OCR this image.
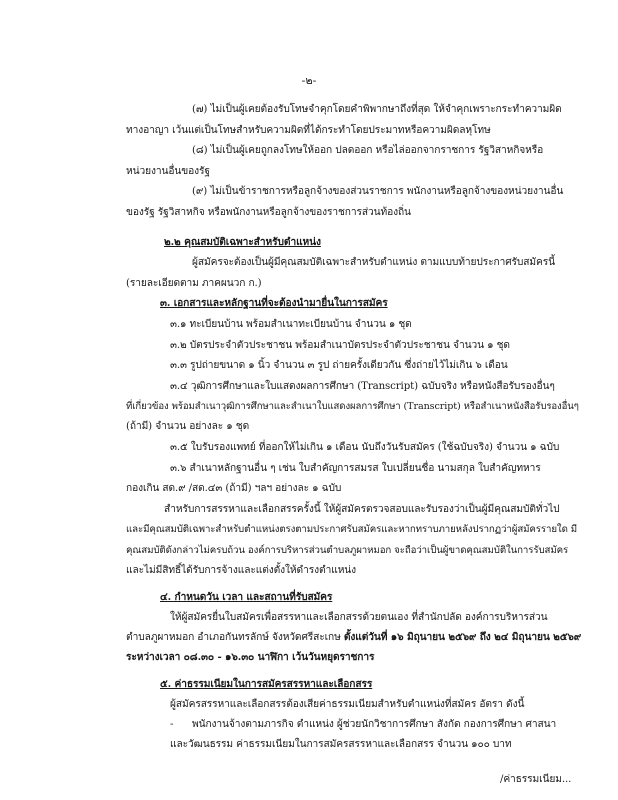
-๒-
(๗) ไม่เป็นผู้เคยต้องรับโทษจำคุกโดยคำพิพากษาถึงที่สุด ให้จำคุกเพราะกระทำความผิด
ทางอาญา เว้นแต่เป็นโทษสำหรับความผิดที่ได้กระทำโดยประมาทหรือความผิดลหุโทษ
(๘) ไม่เป็นผู้เคยถูกลงโทษให้ออก ปลดออก หรือไล่ออกจากราชการ รัฐวิสาหกิจหรือ
หน่วยงานอื่นของรัฐ
(๙) ไม่เป็นข้าราชการหรือลูกจ้างของส่วนราชการ พนักงานหรือลูกจ้างของหน่วยงานอื่น
ของรัฐ รัฐวิสาหกิจ หรือพนักงานหรือลูกจ้างของราชการส่วนท้องถิ่น
๒.๒ คุณสมบัติเฉพาะสำหรับตำแหน่ง
ผู้สมัครจะต้องเป็นผู้มีคุณสมบัติเฉพาะสำหรับตำแหน่ง ตามแบบท้ายประกาศรับสมัครนี้
(รายละเอียดตาม ภาคผนวก ก.)
๓. เอกสารและหลักฐานที่จะต้องนำมายื่นในการสมัคร
๓.๑ ทะเบียนบ้าน พร้อมสำเนาทะเบียนบ้าน จำนวน ๑ ชุด
๓.๒ บัตรประจำตัวประชาชน พร้อมสำเนาบัตรประจำตัวประชาชน จำนวน ๑ ชุด
๓.๓ รูปถ่ายขนาด ๑ นิ้ว จำนวน ๓ รูป ถ่ายครั้งเดียวกัน ซึ่งถ่ายไว้ไม่เกิน ๖ เดือน
๓.๔ วุฒิการศึกษาและใบแสดงผลการศึกษา (Transcript) ฉบับจริง หรือหนังสือรับรองอื่นๆ
ที่เกี่ยวข้อง พร้อมสำเนาวุฒิการศึกษาและสำเนาใบแสดงผลการศึกษา (Transcript) หรือสำเนาหนังสือรับรองอื่นๆ
(ถ้ามี) จำนวน อย่างละ ๑ ชุด
๓.๕ ใบรับรองแพทย์ ที่ออกให้ไม่เกิน ๑ เดือน นับถึงวันรับสมัคร (ใช้ฉบับจริง) จำนวน ๑ ฉบับ
๓.๖ สำเนาหลักฐานอื่น ๆ เช่น ใบสำคัญการสมรส ใบเปลี่ยนชื่อ นามสกุล ใบสำคัญทหาร
กองเกิน สด.๙ /สด.๔๓ (ถ้ามี) ฯลฯ อย่างละ ๑ ฉบับ
สำหรับการสรรหาและเลือกสรรครั้งนี้ ให้ผู้สมัครตรวจสอบและรับรองว่าเป็นผู้มีคุณสมบัติทั่วไป
และมีคุณสมบัติเฉพาะสำหรับตำแหน่งตรงตามประกาศรับสมัครและหากทราบภายหลังปรากฏว่าผู้สมัครรายใด มี
คุณสมบัติดังกล่าวไม่ครบถ้วน องค์การบริหารส่วนตำบลภูผาหมอก จะถือว่าเป็นผู้ขาดคุณสมบัติในการรับสมัคร
และไม่มีสิทธิ์ได้รับการจ้างและแต่งตั้งให้ดำรงตำแหน่ง
๔. กำหนดวัน เวลา และสถานที่รับสมัคร
ให้ผู้สมัครยื่นใบสมัครเพื่อสรรหาและเลือกสรรด้วยตนเอง ที่สำนักปลัด องค์การบริหารส่วน
ตำบลภูผาหมอก อำเภอกันทรลักษ์ จังหวัดศรีสะเกษ ตั้งแต่วันที่ ๑๖ มิถุนายน ๒๕๖๙ ถึง ๒๔ มิถุนายน ๒๕๖๙
ระหว่างเวลา ๐๘.๓๐ - ๑๖.๓๐ นาฬิกา เว้นวันหยุดราชการ
๕. ค่าธรรมเนียมในการสมัครสรรหาและเลือกสรร
ผู้สมัครสรรหาและเลือกสรรต้องเสียค่าธรรมเนียมสำหรับตำแหน่งที่สมัคร อัตรา ดังนี้
- พนักงานจ้างตามภารกิจ ตำแหน่ง ผู้ช่วยนักวิชาการศึกษา สังกัด กองการศึกษา ศาสนา
และวัฒนธรรม ค่าธรรมเนียมในการสมัครสรรหาและเลือกสรร จำนวน ๑๐๐ บาท
/ค่าธรรมเนียม...
